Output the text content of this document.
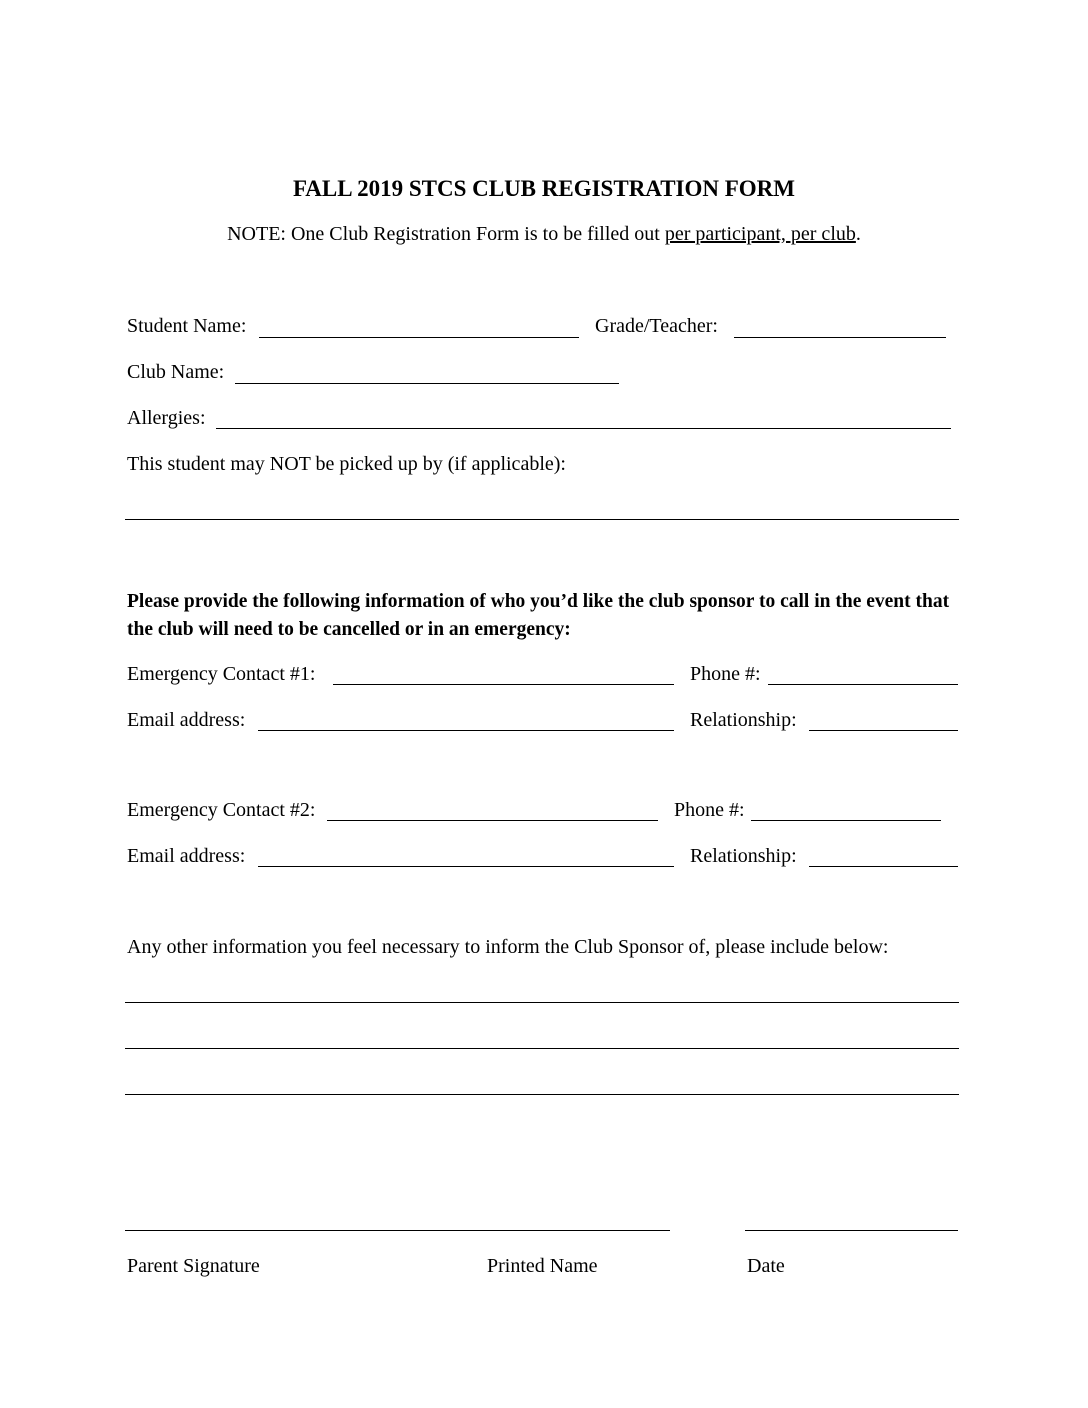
FALL 2019 STCS CLUB REGISTRATION FORM
NOTE: One Club Registration Form is to be filled out per participant, per club.
Student Name:	Grade/Teacher:
Club Name:
Allergies:
This student may NOT be picked up by (if applicable):
Please provide the following information of who you’d like the club sponsor to call in the event that the club will need to be cancelled or in an emergency:
Emergency Contact #1:	Phone #:
Email address:	Relationship:
Emergency Contact #2:	Phone #:
Email address:	Relationship:
Any other information you feel necessary to inform the Club Sponsor of, please include below:
Parent Signature	Printed Name	Date
